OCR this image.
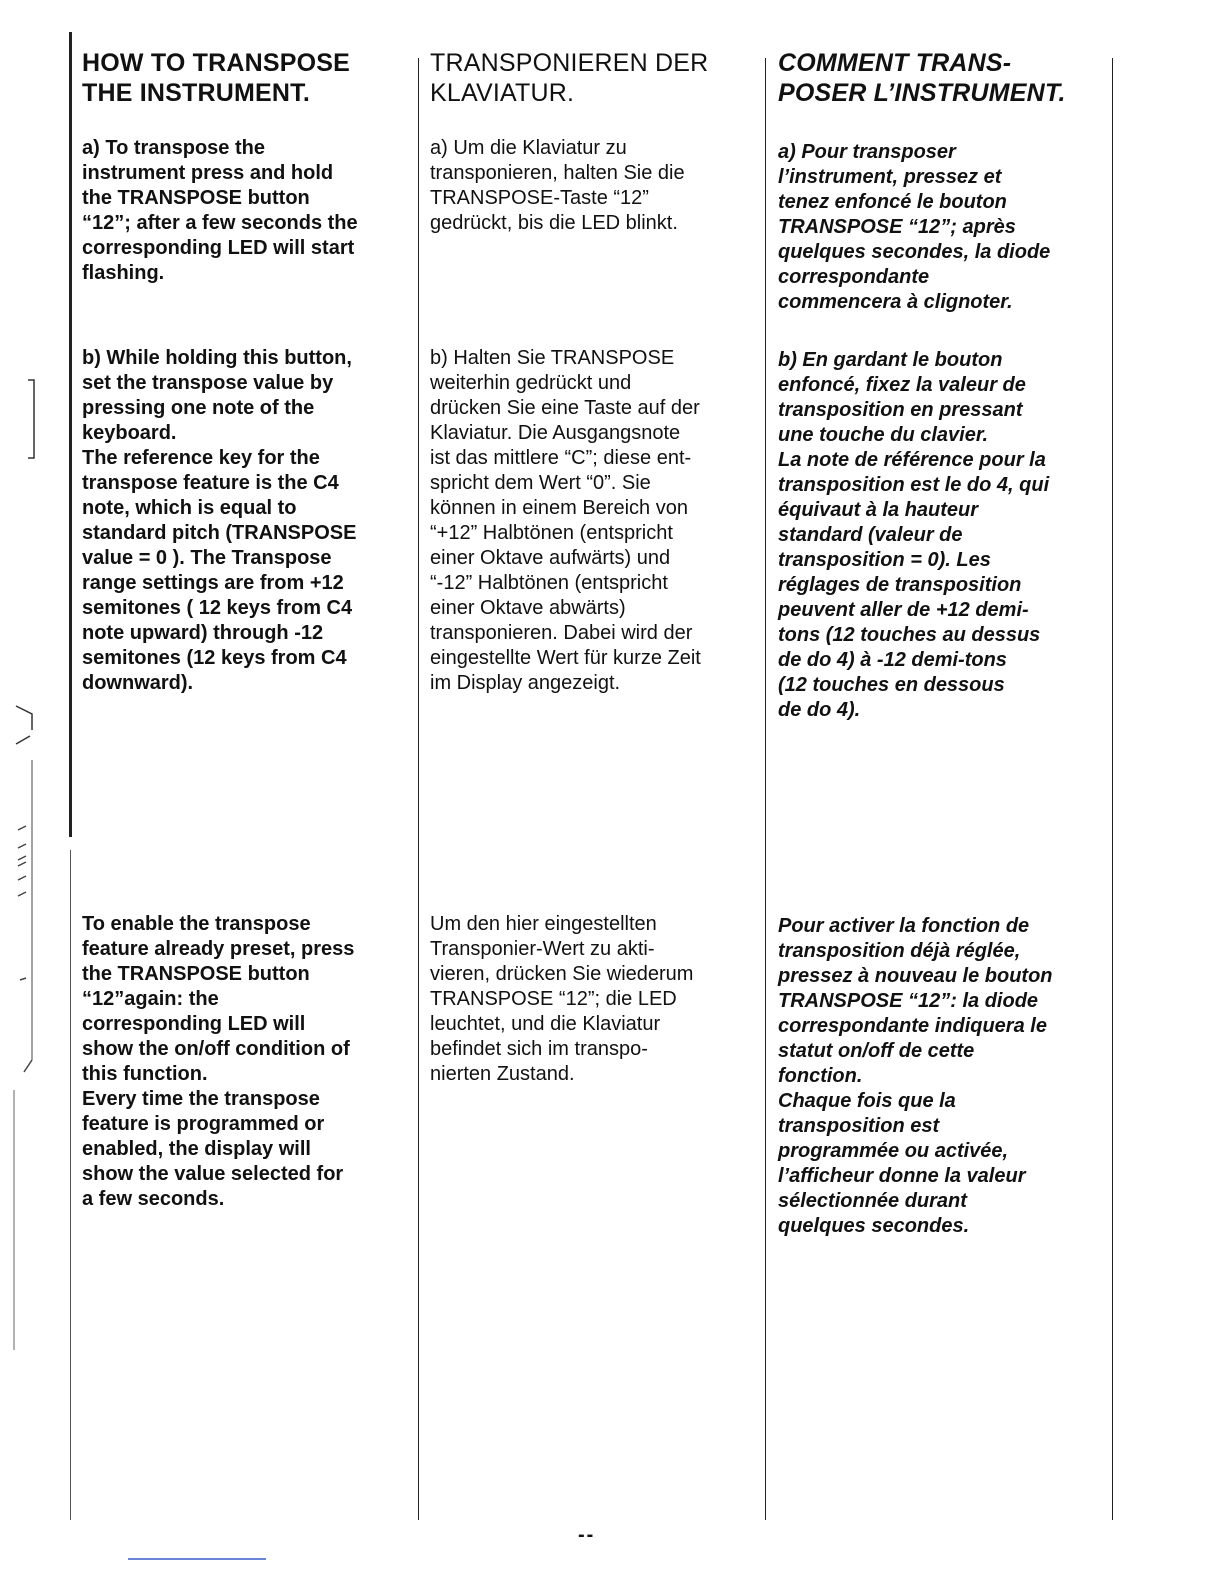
HOW TO TRANSPOSE
THE INSTRUMENT.

a) To transpose the
instrument press and hold
the TRANSPOSE button
“12”; after a few seconds the
corresponding LED will start
flashing.

b) While holding this button,
set the transpose value by
pressing one note of the
keyboard.
The reference key for the
transpose feature is the C4
note, which is equal to
standard pitch (TRANSPOSE
value = 0 ). The Transpose
range settings are from +12
semitones ( 12 keys from C4
note upward) through -12
semitones (12 keys from C4
downward).

To enable the transpose
feature already preset, press
the TRANSPOSE button
“12”again: the
corresponding LED will
show the on/off condition of
this function.
Every time the transpose
feature is programmed or
enabled, the display will
show the value selected for
a few seconds.

TRANSPONIEREN DER
KLAVIATUR.

a) Um die Klaviatur zu
transponieren, halten Sie die
TRANSPOSE-Taste “12”
gedrückt, bis die LED blinkt.

b) Halten Sie TRANSPOSE
weiterhin gedrückt und
drücken Sie eine Taste auf der
Klaviatur. Die Ausgangsnote
ist das mittlere “C”; diese ent-
spricht dem Wert “0”. Sie
können in einem Bereich von
“+12” Halbtönen (entspricht
einer Oktave aufwärts) und
“-12” Halbtönen (entspricht
einer Oktave abwärts)
transponieren. Dabei wird der
eingestellte Wert für kurze Zeit
im Display angezeigt.

Um den hier eingestellten
Transponier-Wert zu akti-
vieren, drücken Sie wiederum
TRANSPOSE “12”; die LED
leuchtet, und die Klaviatur
befindet sich im transpo-
nierten Zustand.

COMMENT TRANS-
POSER L’INSTRUMENT.

a) Pour transposer
l’instrument, pressez et
tenez enfoncé le bouton
TRANSPOSE “12”; après
quelques secondes, la diode
correspondante
commencera à clignoter.

b) En gardant le bouton
enfoncé, fixez la valeur de
transposition en pressant
une touche du clavier.
La note de référence pour la
transposition est le do 4, qui
équivaut à la hauteur
standard (valeur de
transposition = 0). Les
réglages de transposition
peuvent aller de +12 demi-
tons (12 touches au dessus
de do 4) à -12 demi-tons
(12 touches en dessous
de do 4).

Pour activer la fonction de
transposition déjà réglée,
pressez à nouveau le bouton
TRANSPOSE “12”: la diode
correspondante indiquera le
statut on/off de cette
fonction.
Chaque fois que la
transposition est
programmée ou activée,
l’afficheur donne la valeur
sélectionnée durant
quelques secondes.

--
